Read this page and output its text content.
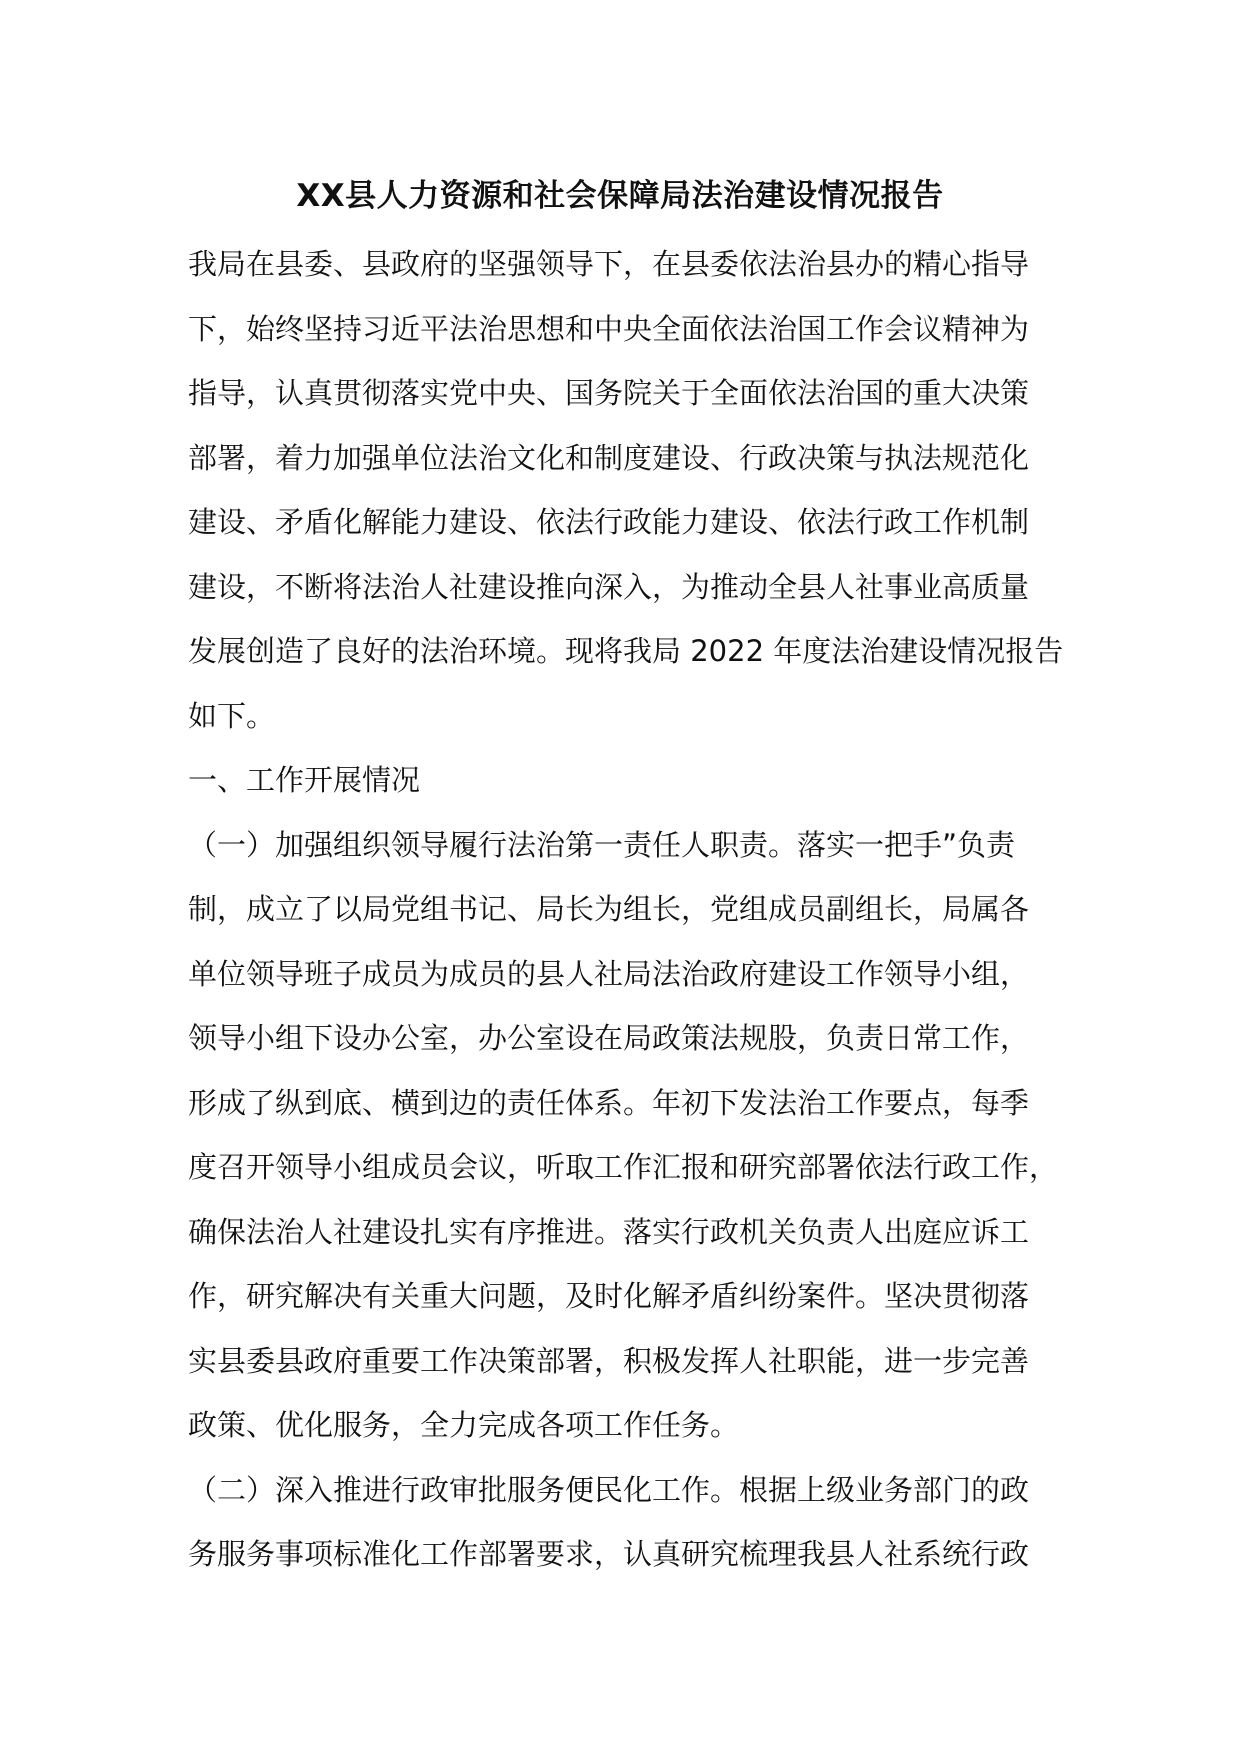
XX县人力资源和社会保障局法治建设情况报告

我局在县委、县政府的坚强领导下，在县委依法治县办的精心指导

下，始终坚持习近平法治思想和中央全面依法治国工作会议精神为

指导，认真贯彻落实党中央、国务院关于全面依法治国的重大决策

部署，着力加强单位法治文化和制度建设、行政决策与执法规范化

建设、矛盾化解能力建设、依法行政能力建设、依法行政工作机制

建设，不断将法治人社建设推向深入，为推动全县人社事业高质量

发展创造了良好的法治环境。现将我局 2022 年度法治建设情况报告

如下。

一、工作开展情况

（一）加强组织领导履行法治第一责任人职责。落实一把手”负责

制，成立了以局党组书记、局长为组长，党组成员副组长，局属各

单位领导班子成员为成员的县人社局法治政府建设工作领导小组，

领导小组下设办公室，办公室设在局政策法规股，负责日常工作，

形成了纵到底、横到边的责任体系。年初下发法治工作要点，每季

度召开领导小组成员会议，听取工作汇报和研究部署依法行政工作，

确保法治人社建设扎实有序推进。落实行政机关负责人出庭应诉工

作，研究解决有关重大问题，及时化解矛盾纠纷案件。坚决贯彻落

实县委县政府重要工作决策部署，积极发挥人社职能，进一步完善

政策、优化服务，全力完成各项工作任务。

（二）深入推进行政审批服务便民化工作。根据上级业务部门的政

务服务事项标准化工作部署要求，认真研究梳理我县人社系统行政
